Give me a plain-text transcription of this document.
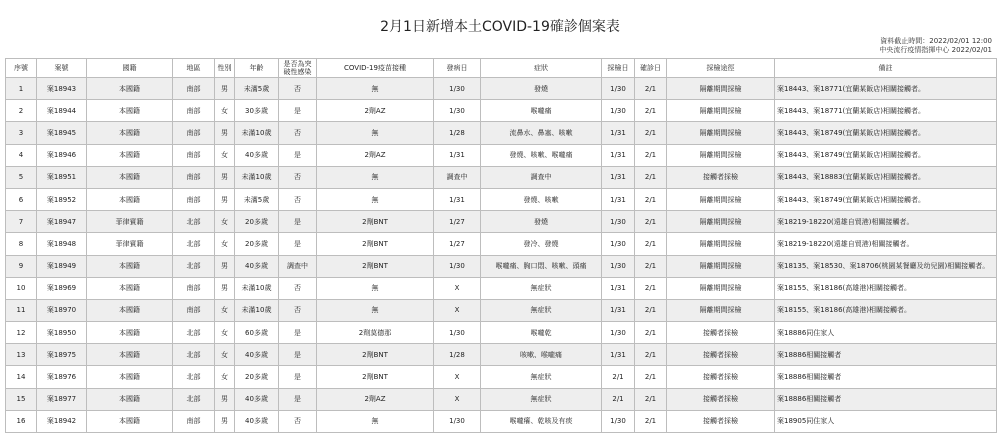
2月1日新增本土COVID-19確診個案表
資料截止時間：2022/02/01 12:00
中央流行疫情指揮中心 2022/02/01
序號	案號	國籍	地區	性別	年齡	是否為突破性感染	COVID-19疫苗接種	發病日	症狀	採檢日	確診日	採檢途徑	備註
1	案18943	本國籍	南部	男	未滿5歲	否	無	1/30	發燒	1/30	2/1	隔離期間採檢	案18443、案18771(宜蘭某飯店)相關接觸者。
2	案18944	本國籍	南部	女	30多歲	是	2劑AZ	1/30	喉嚨痛	1/30	2/1	隔離期間採檢	案18443、案18771(宜蘭某飯店)相關接觸者。
3	案18945	本國籍	南部	男	未滿10歲	否	無	1/28	流鼻水、鼻塞、咳嗽	1/31	2/1	隔離期間採檢	案18443、案18749(宜蘭某飯店)相關接觸者。
4	案18946	本國籍	南部	女	40多歲	是	2劑AZ	1/31	發燒、咳嗽、喉嚨痛	1/31	2/1	隔離期間採檢	案18443、案18749(宜蘭某飯店)相關接觸者。
5	案18951	本國籍	南部	男	未滿10歲	否	無	調查中	調查中	1/31	2/1	接觸者採檢	案18443、案18883(宜蘭某飯店)相關接觸者。
6	案18952	本國籍	南部	男	未滿5歲	否	無	1/31	發燒、咳嗽	1/31	2/1	隔離期間採檢	案18443、案18749(宜蘭某飯店)相關接觸者。
7	案18947	菲律賓籍	北部	女	20多歲	是	2劑BNT	1/27	發燒	1/30	2/1	隔離期間採檢	案18219-18220(遠雄自貿港)相關接觸者。
8	案18948	菲律賓籍	北部	女	20多歲	是	2劑BNT	1/27	發冷、發燒	1/30	2/1	隔離期間採檢	案18219-18220(遠雄自貿港)相關接觸者。
9	案18949	本國籍	北部	男	40多歲	調查中	2劑BNT	1/30	喉嚨痛、胸口悶、咳嗽、頭痛	1/30	2/1	隔離期間採檢	案18135、案18530、案18706(桃園某餐廳及幼兒園)相關接觸者。
10	案18969	本國籍	南部	男	未滿10歲	否	無	X	無症狀	1/31	2/1	隔離期間採檢	案18155、案18186(高雄港)相關接觸者。
11	案18970	本國籍	南部	女	未滿10歲	否	無	X	無症狀	1/31	2/1	隔離期間採檢	案18155、案18186(高雄港)相關接觸者。
12	案18950	本國籍	北部	女	60多歲	是	2劑莫德那	1/30	喉嚨乾	1/30	2/1	接觸者採檢	案18886同住家人
13	案18975	本國籍	北部	女	40多歲	是	2劑BNT	1/28	咳嗽、喉嚨痛	1/31	2/1	接觸者採檢	案18886相關接觸者
14	案18976	本國籍	北部	女	20多歲	是	2劑BNT	X	無症狀	2/1	2/1	接觸者採檢	案18886相關接觸者
15	案18977	本國籍	北部	男	40多歲	是	2劑AZ	X	無症狀	2/1	2/1	接觸者採檢	案18886相關接觸者
16	案18942	本國籍	南部	男	40多歲	否	無	1/30	喉嚨癢、乾咳及有痰	1/30	2/1	接觸者採檢	案18905同住家人
